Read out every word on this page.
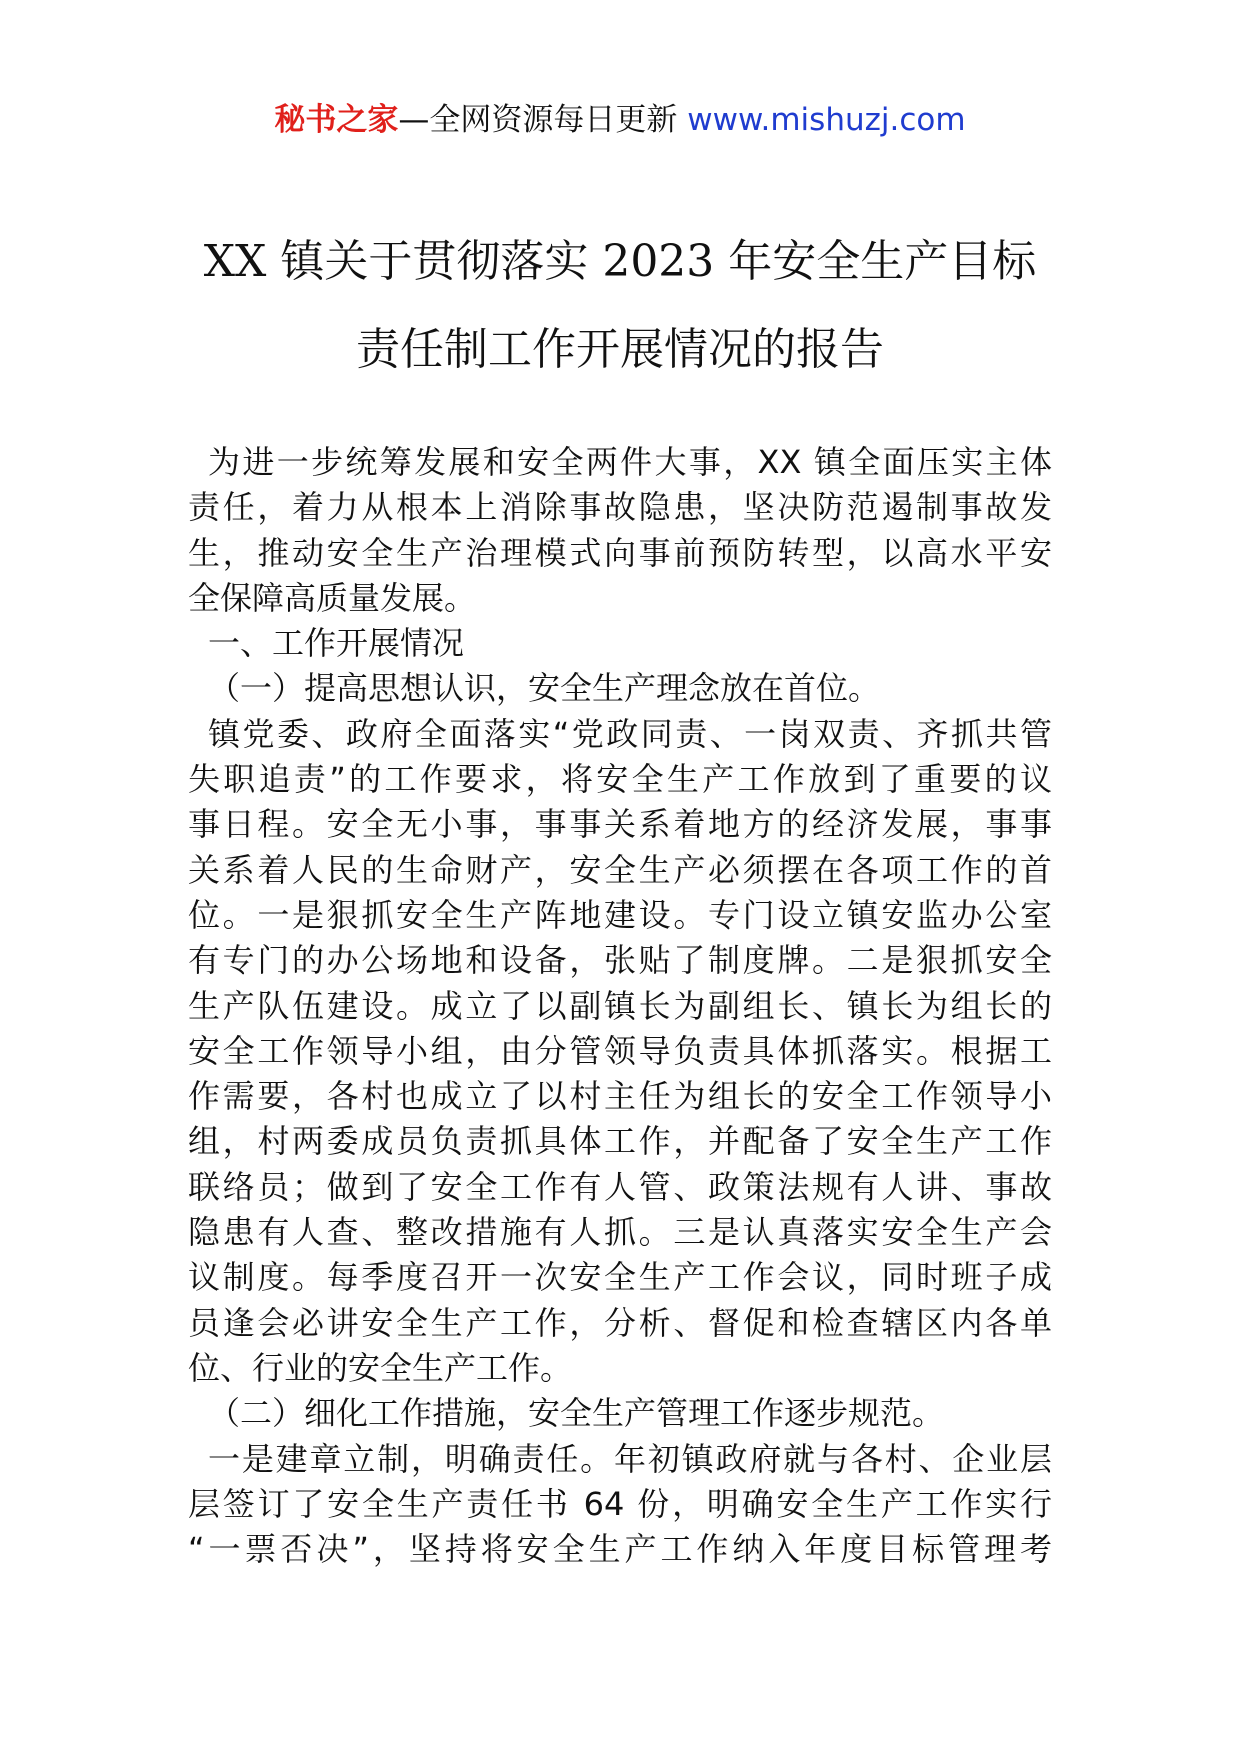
秘书之家—全网资源每日更新 www.mishuzj.com
XX 镇关于贯彻落实 2023 年安全生产目标
责任制工作开展情况的报告
为进一步统筹发展和安全两件大事，XX 镇全面压实主体
责任，着力从根本上消除事故隐患，坚决防范遏制事故发
生，推动安全生产治理模式向事前预防转型，以高水平安
全保障高质量发展。
一、工作开展情况
（一）提高思想认识，安全生产理念放在首位。
镇党委、政府全面落实“党政同责、一岗双责、齐抓共管
失职追责”的工作要求，将安全生产工作放到了重要的议
事日程。安全无小事，事事关系着地方的经济发展，事事
关系着人民的生命财产，安全生产必须摆在各项工作的首
位。一是狠抓安全生产阵地建设。专门设立镇安监办公室
有专门的办公场地和设备，张贴了制度牌。二是狠抓安全
生产队伍建设。成立了以副镇长为副组长、镇长为组长的
安全工作领导小组，由分管领导负责具体抓落实。根据工
作需要，各村也成立了以村主任为组长的安全工作领导小
组，村两委成员负责抓具体工作，并配备了安全生产工作
联络员；做到了安全工作有人管、政策法规有人讲、事故
隐患有人查、整改措施有人抓。三是认真落实安全生产会
议制度。每季度召开一次安全生产工作会议，同时班子成
员逢会必讲安全生产工作，分析、督促和检查辖区内各单
位、行业的安全生产工作。
（二）细化工作措施，安全生产管理工作逐步规范。
一是建章立制，明确责任。年初镇政府就与各村、企业层
层签订了安全生产责任书 64 份，明确安全生产工作实行
“一票否决”，坚持将安全生产工作纳入年度目标管理考
